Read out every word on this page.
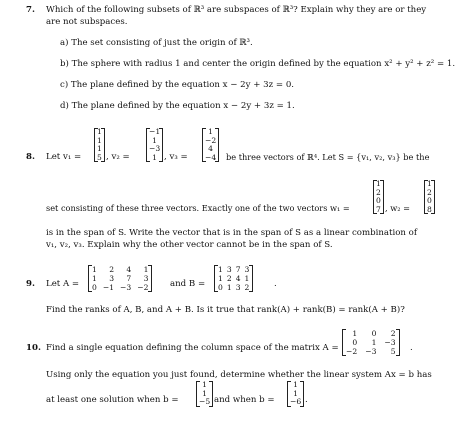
7. Which of the following subsets of ℝ³ are subspaces of ℝ³? Explain why they are or they
are not subspaces.
a) The set consisting of just the origin of ℝ³.
b) The sphere with radius 1 and center the origin defined by the equation x² + y² + z² = 1.
c) The plane defined by the equation x − 2y + 3z = 0.
d) The plane defined by the equation x − 2y + 3z = 1.
8. Let v₁ =
1
1
1
5 , v₂ =
−1
1
−3
1 , v₃ =
1
−2
4
−4 be three vectors of ℝ⁴. Let S = {v₁, v₂, v₃} be the
set consisting of these three vectors. Exactly one of the two vectors w₁ =
1
2
0
7 , w₂ =
1
2
0
8
is in the span of S. Write the vector that is in the span of S as a linear combination of
v₁, v₂, v₃. Explain why the other vector cannot be in the span of S.
9. Let A =
1	2	4	1
1	3	7	3
0 −1 −3 −2	and B =
1 3 7 3
1 2 4 1
0 1 3 2	.
Find the ranks of A, B, and A + B. Is it true that rank(A) + rank(B) = rank(A + B)?
10. Find a single equation defining the column space of the matrix A =
1	0	2
0	1 −3
−2 −3	5 .
Using only the equation you just found, determine whether the linear system Ax = b has
at least one solution when b =
1
1
−5 and when b =
1
1
−6 .
